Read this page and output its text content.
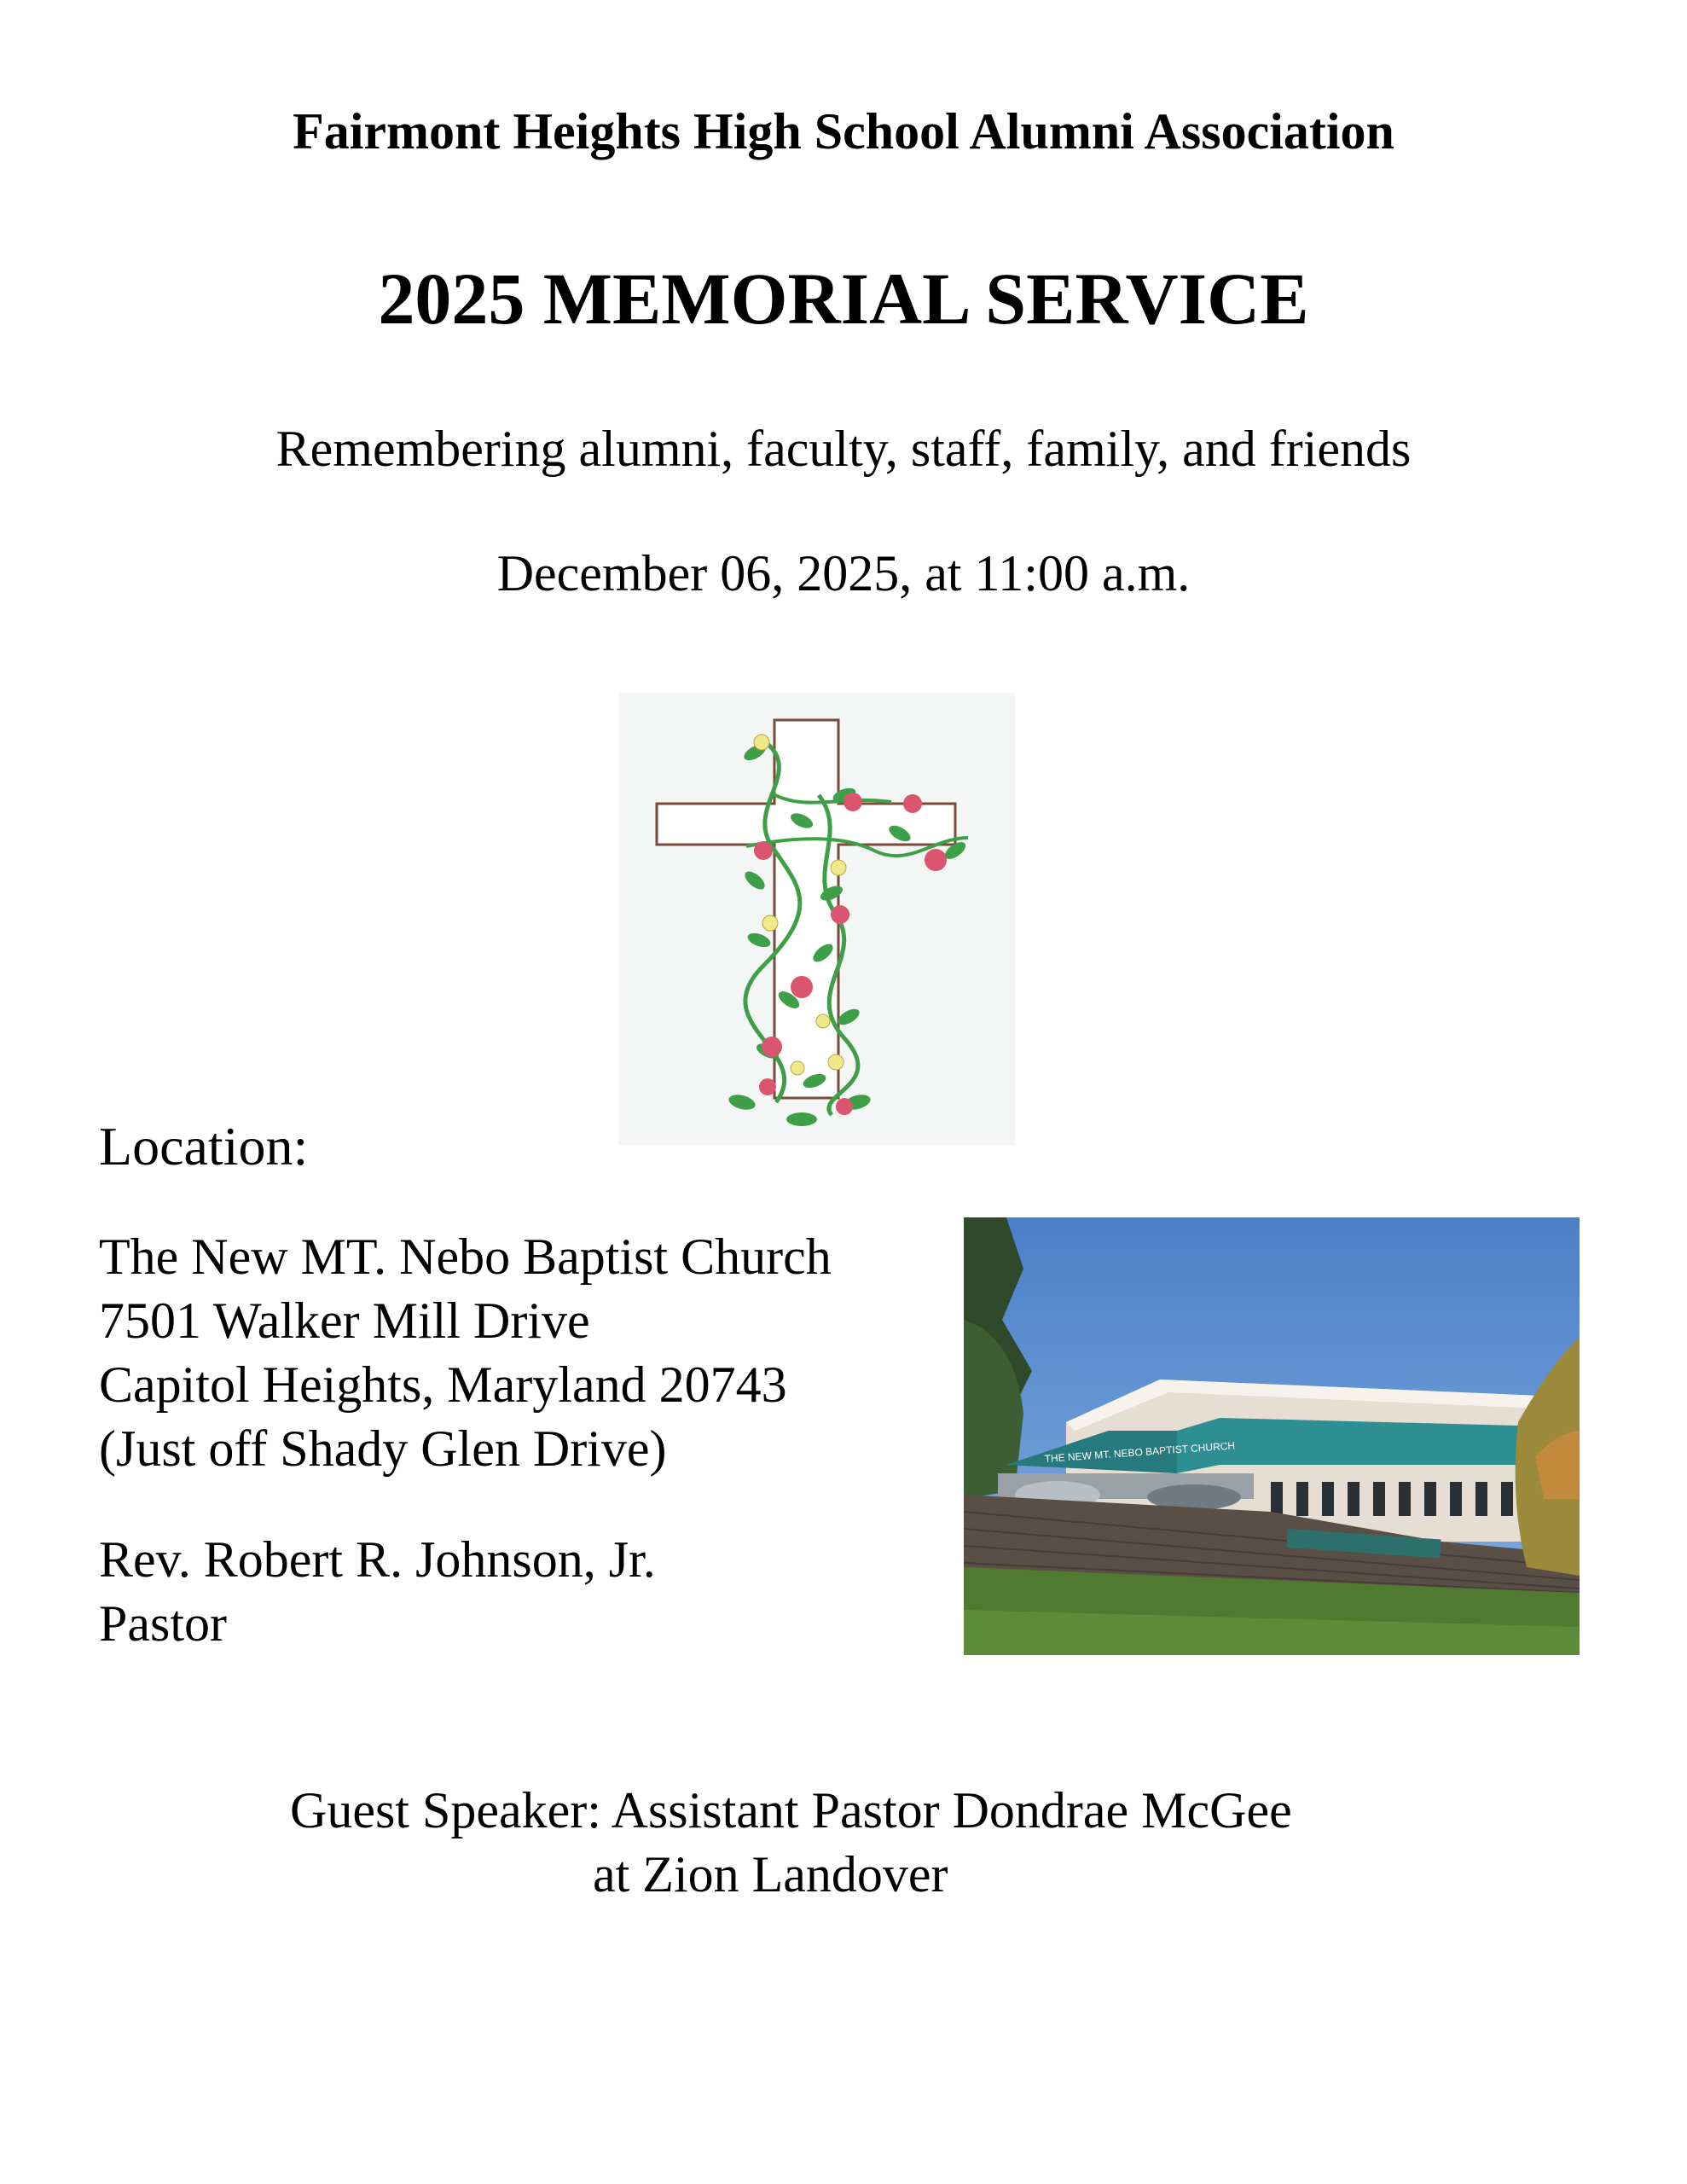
Fairmont Heights High School Alumni Association
2025 MEMORIAL SERVICE
Remembering alumni, faculty, staff, family, and friends
December 06, 2025, at 11:00 a.m.
Location:
The New MT. Nebo Baptist Church
7501 Walker Mill Drive
Capitol Heights, Maryland 20743
(Just off Shady Glen Drive)
Rev. Robert R. Johnson, Jr.
Pastor
THE NEW MT. NEBO BAPTIST CHURCH
Guest Speaker: Assistant Pastor Dondrae McGee
at Zion Landover
